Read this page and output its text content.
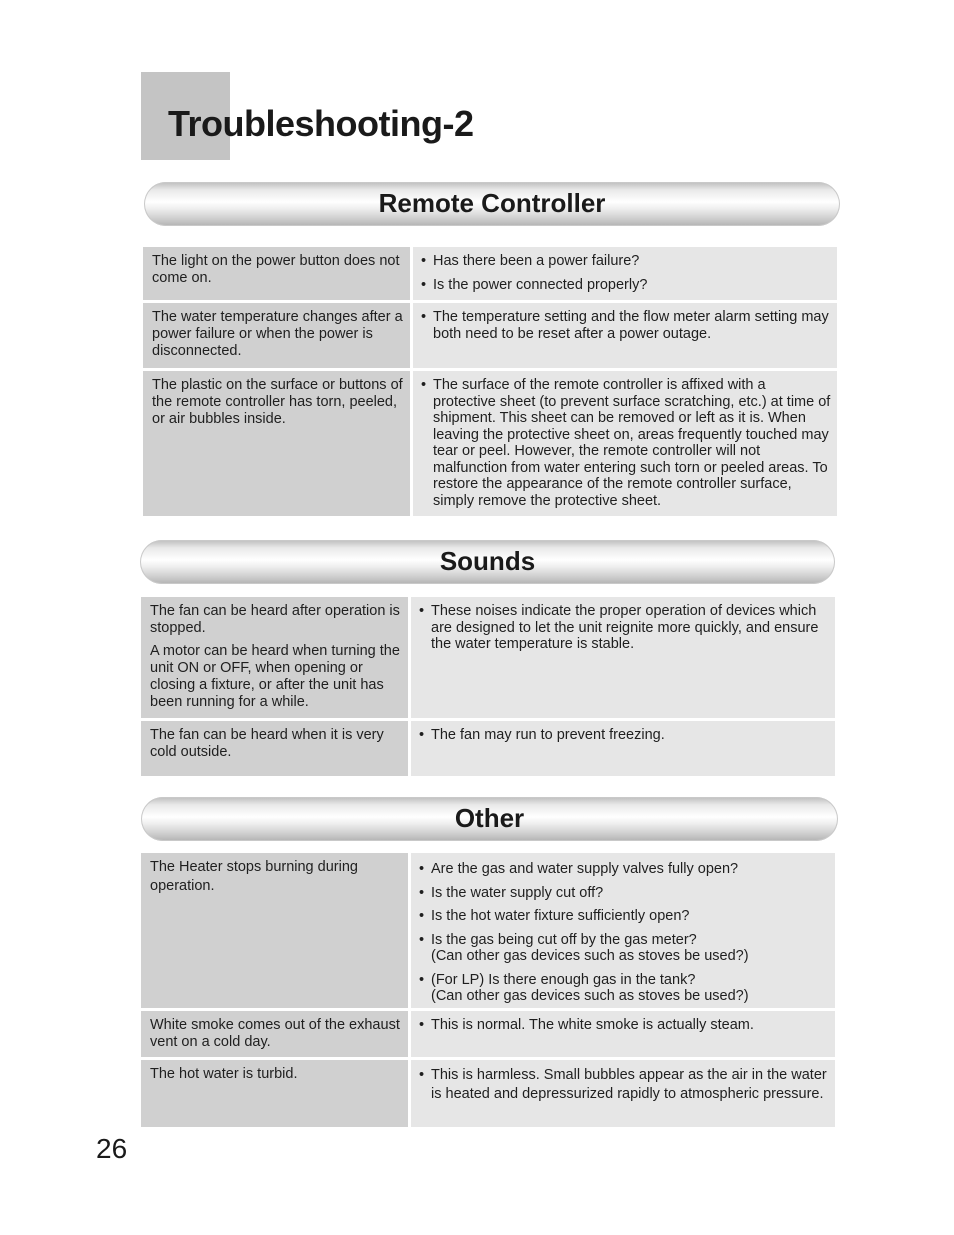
Troubleshooting-2
Remote Controller

The light on the power button does not come on.

• Has there been a power failure?
• Is the power connected properly?

The water temperature changes after a power failure or when the power is disconnected.

• The temperature setting and the flow meter alarm setting may both need to be reset after a power outage.

The plastic on the surface or buttons of the remote controller has torn, peeled, or air bubbles inside.

• The surface of the remote controller is affixed with a protective sheet (to prevent surface scratching, etc.) at time of shipment. This sheet can be removed or left as it is. When leaving the protective sheet on, areas frequently touched may tear or peel. However, the remote controller will not malfunction from water entering such torn or peeled areas. To restore the appearance of the remote controller surface, simply remove the protective sheet.
Sounds

The fan can be heard after operation is stopped.

A motor can be heard when turning the unit ON or OFF, when opening or closing a fixture, or after the unit has been running for a while.

• These noises indicate the proper operation of devices which are designed to let the unit reignite more quickly, and ensure the water temperature is stable.

The fan can be heard when it is very cold outside.

• The fan may run to prevent freezing.
Other

The Heater stops burning during operation.

• Are the gas and water supply valves fully open?
• Is the water supply cut off?
• Is the hot water fixture sufficiently open?
• Is the gas being cut off by the gas meter?
(Can other gas devices such as stoves be used?)
• (For LP) Is there enough gas in the tank?
(Can other gas devices such as stoves be used?)

White smoke comes out of the exhaust vent on a cold day.

• This is normal. The white smoke is actually steam.

The hot water is turbid.

•	This is harmless. Small bubbles appear as the air in the water is heated and depressurized rapidly to atmospheric pressure.
26
